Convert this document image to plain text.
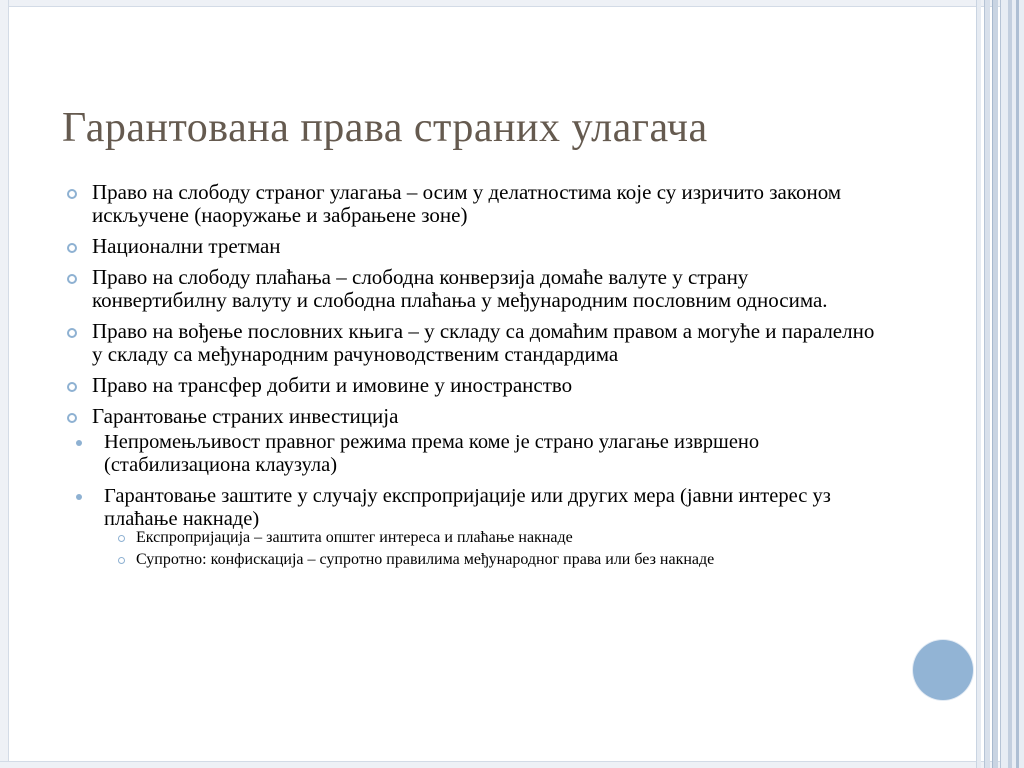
Гарантована права страних улагача
Право на слободу страног улагања – осим у делатностима које су изричито законом искључене (наоружање и забрањене зоне)
Национални третман
Право на слободу плаћања – слободна конверзија домаће валуте у страну конвертибилну валуту и слободна плаћања у међународним пословним односима.
Право на вођење пословних књига – у складу са домаћим правом а могуће и паралелно у складу са међународним рачуноводственим стандардима
Право на трансфер добити и имовине у иностранство
Гарантовање страних инвестиција
Непромењљивост правног режима према коме је страно улагање извршено (стабилизациона клаузула)
Гарантовање заштите у случају експропријације или других мера (јавни интерес уз плаћање накнаде)
Експропријација – заштита општег интереса и плаћање накнаде
Супротно: конфискација – супротно правилима међународног права или без накнаде
